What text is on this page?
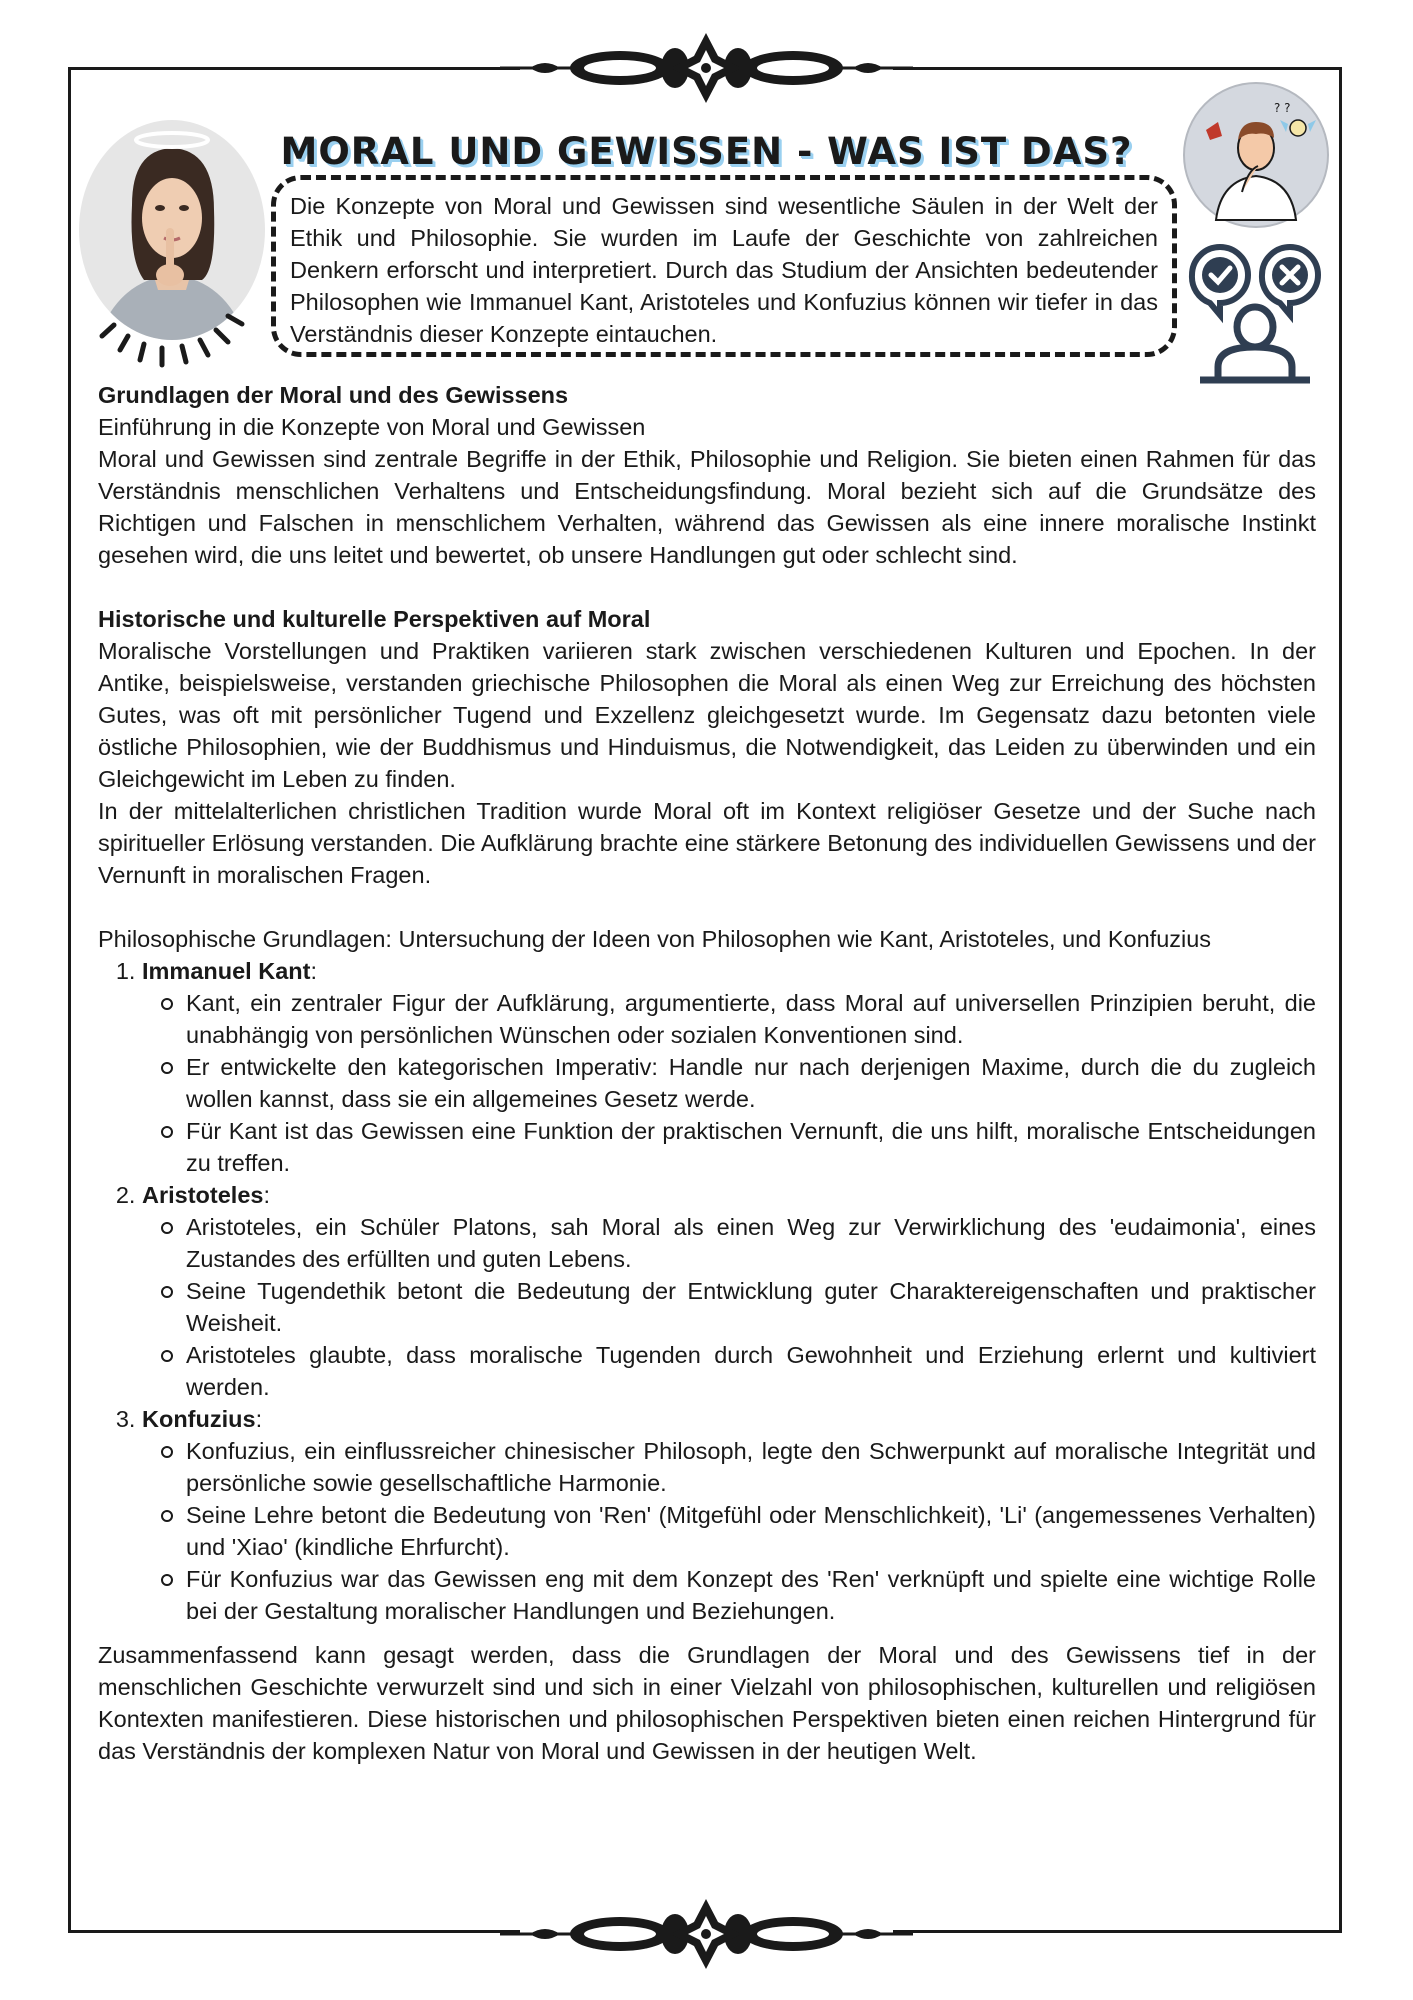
MORAL UND GEWISSEN - WAS IST DAS?
? ?

Die Konzepte von Moral und Gewissen sind wesentliche Säulen in der Welt der Ethik und Philosophie. Sie wurden im Laufe der Geschichte von zahlreichen Denkern erforscht und interpretiert. Durch das Studium der Ansichten bedeutender Philosophen wie Immanuel Kant, Aristoteles und Konfuzius können wir tiefer in das Verständnis dieser Konzepte eintauchen.

Grundlagen der Moral und des Gewissens

Einführung in die Konzepte von Moral und Gewissen

Moral und Gewissen sind zentrale Begriffe in der Ethik, Philosophie und Religion. Sie bieten einen Rahmen für das Verständnis menschlichen Verhaltens und Entscheidungsfindung. Moral bezieht sich auf die Grundsätze des Richtigen und Falschen in menschlichem Verhalten, während das Gewissen als eine innere moralische Instinkt gesehen wird, die uns leitet und bewertet, ob unsere Handlungen gut oder schlecht sind.

Historische und kulturelle Perspektiven auf Moral

Moralische Vorstellungen und Praktiken variieren stark zwischen verschiedenen Kulturen und Epochen. In der Antike, beispielsweise, verstanden griechische Philosophen die Moral als einen Weg zur Erreichung des höchsten Gutes, was oft mit persönlicher Tugend und Exzellenz gleichgesetzt wurde. Im Gegensatz dazu betonten viele östliche Philosophien, wie der Buddhismus und Hinduismus, die Notwendigkeit, das Leiden zu überwinden und ein Gleichgewicht im Leben zu finden.

In der mittelalterlichen christlichen Tradition wurde Moral oft im Kontext religiöser Gesetze und der Suche nach spiritueller Erlösung verstanden. Die Aufklärung brachte eine stärkere Betonung des individuellen Gewissens und der Vernunft in moralischen Fragen.

Philosophische Grundlagen: Untersuchung der Ideen von Philosophen wie Kant, Aristoteles, und Konfuzius

1. Immanuel Kant:
Kant, ein zentraler Figur der Aufklärung, argumentierte, dass Moral auf universellen Prinzipien beruht, die unabhängig von persönlichen Wünschen oder sozialen Konventionen sind.
Er entwickelte den kategorischen Imperativ: Handle nur nach derjenigen Maxime, durch die du zugleich wollen kannst, dass sie ein allgemeines Gesetz werde.
Für Kant ist das Gewissen eine Funktion der praktischen Vernunft, die uns hilft, moralische Entscheidungen zu treffen.
2. Aristoteles:
Aristoteles, ein Schüler Platons, sah Moral als einen Weg zur Verwirklichung des 'eudaimonia', eines Zustandes des erfüllten und guten Lebens.
Seine Tugendethik betont die Bedeutung der Entwicklung guter Charaktereigenschaften und praktischer Weisheit.
Aristoteles glaubte, dass moralische Tugenden durch Gewohnheit und Erziehung erlernt und kultiviert werden.
3. Konfuzius:
Konfuzius, ein einflussreicher chinesischer Philosoph, legte den Schwerpunkt auf moralische Integrität und persönliche sowie gesellschaftliche Harmonie.
Seine Lehre betont die Bedeutung von 'Ren' (Mitgefühl oder Menschlichkeit), 'Li' (angemessenes Verhalten) und 'Xiao' (kindliche Ehrfurcht).
Für Konfuzius war das Gewissen eng mit dem Konzept des 'Ren' verknüpft und spielte eine wichtige Rolle bei der Gestaltung moralischer Handlungen und Beziehungen.

Zusammenfassend kann gesagt werden, dass die Grundlagen der Moral und des Gewissens tief in der menschlichen Geschichte verwurzelt sind und sich in einer Vielzahl von philosophischen, kulturellen und religiösen Kontexten manifestieren. Diese historischen und philosophischen Perspektiven bieten einen reichen Hintergrund für das Verständnis der komplexen Natur von Moral und Gewissen in der heutigen Welt.
